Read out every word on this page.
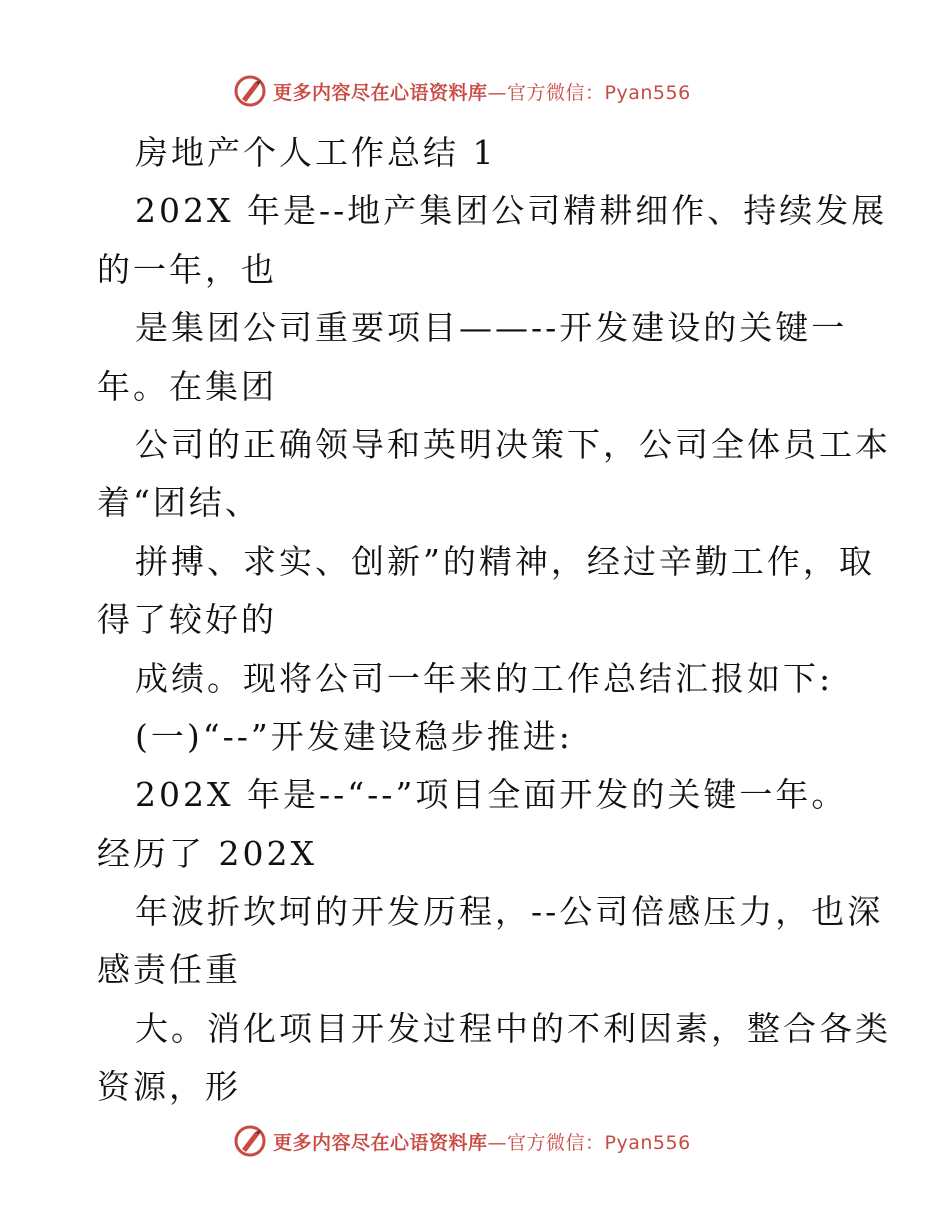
更多内容尽在心语资料库—官方微信：Pyan556
房地产个人工作总结 1
202X 年是--地产集团公司精耕细作、持续发展
的一年，也
是集团公司重要项目——--开发建设的关键一
年。在集团
公司的正确领导和英明决策下，公司全体员工本
着“团结、
拼搏、求实、创新”的精神，经过辛勤工作，取
得了较好的
成绩。现将公司一年来的工作总结汇报如下:
(一)“--”开发建设稳步推进:
202X 年是--“--”项目全面开发的关键一年。
经历了 202X
年波折坎坷的开发历程，--公司倍感压力，也深
感责任重
大。消化项目开发过程中的不利因素，整合各类
资源，形
更多内容尽在心语资料库—官方微信：Pyan556
